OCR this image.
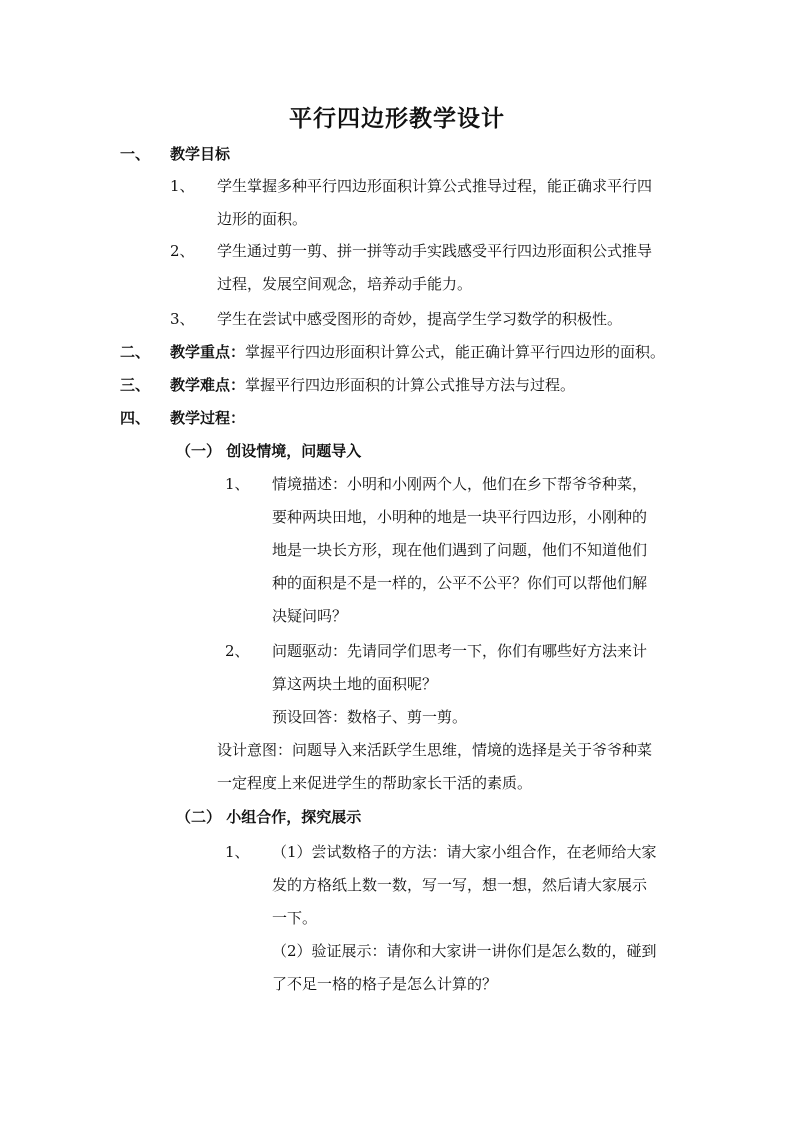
平行四边形教学设计
一、 教学目标
1、 学生掌握多种平行四边形面积计算公式推导过程，能正确求平行四
边形的面积。
2、 学生通过剪一剪、拼一拼等动手实践感受平行四边形面积公式推导
过程，发展空间观念，培养动手能力。
3、 学生在尝试中感受图形的奇妙，提高学生学习数学的积极性。
二、 教学重点：掌握平行四边形面积计算公式，能正确计算平行四边形的面积。
三、 教学难点：掌握平行四边形面积的计算公式推导方法与过程。
四、 教学过程：
（一） 创设情境，问题导入
1、 情境描述：小明和小刚两个人，他们在乡下帮爷爷种菜，
要种两块田地，小明种的地是一块平行四边形，小刚种的
地是一块长方形，现在他们遇到了问题，他们不知道他们
种的面积是不是一样的，公平不公平？你们可以帮他们解
决疑问吗？
2、 问题驱动：先请同学们思考一下，你们有哪些好方法来计
算这两块土地的面积呢？
预设回答：数格子、剪一剪。
设计意图：问题导入来活跃学生思维，情境的选择是关于爷爷种菜
一定程度上来促进学生的帮助家长干活的素质。
（二） 小组合作，探究展示
1、 （1）尝试数格子的方法：请大家小组合作，在老师给大家
发的方格纸上数一数，写一写，想一想，然后请大家展示
一下。
（2）验证展示：请你和大家讲一讲你们是怎么数的，碰到
了不足一格的格子是怎么计算的？
